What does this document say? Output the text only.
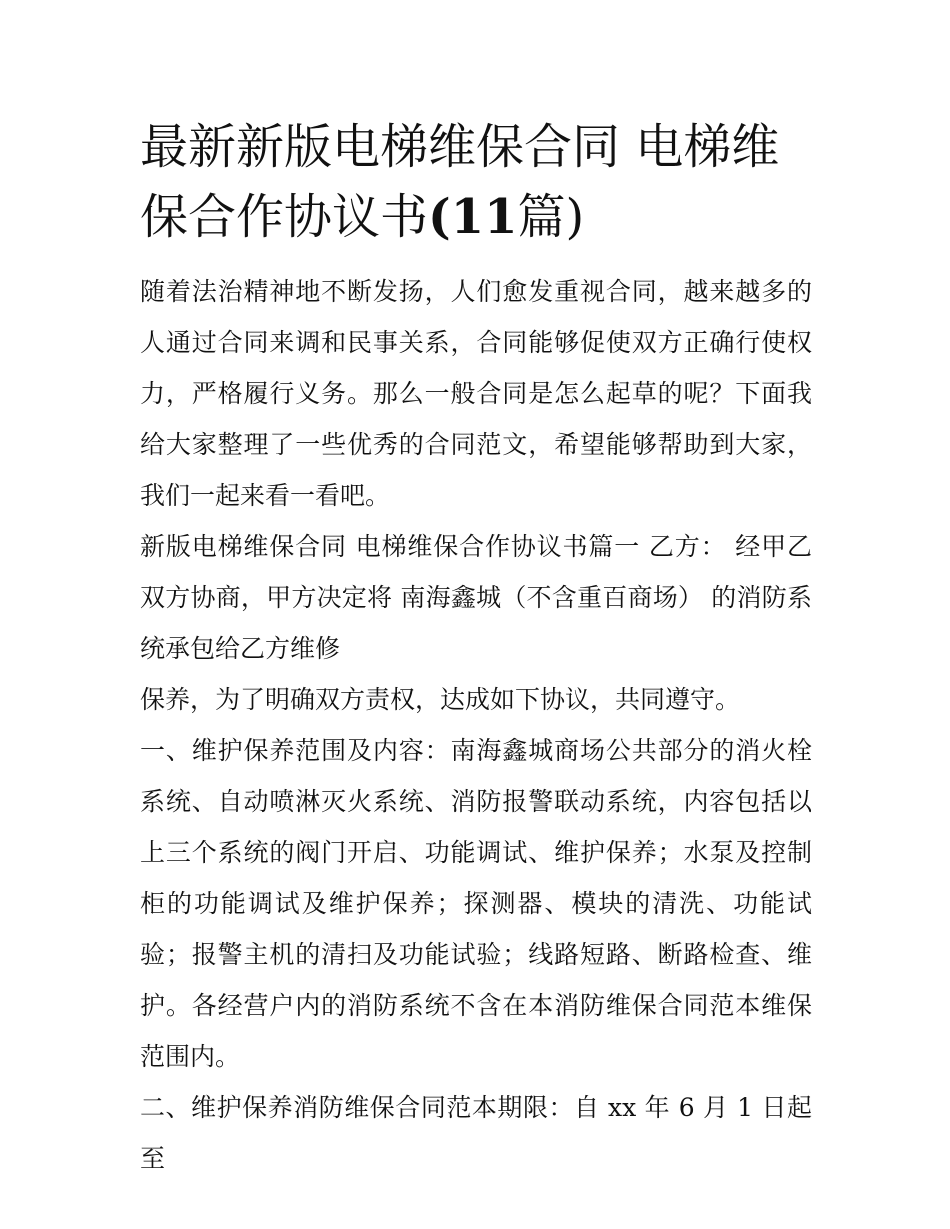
最新新版电梯维保合同 电梯维保合作协议书(11篇)

随着法治精神地不断发扬，人们愈发重视合同，越来越多的人通过合同来调和民事关系，合同能够促使双方正确行使权力，严格履行义务。那么一般合同是怎么起草的呢？下面我给大家整理了一些优秀的合同范文，希望能够帮助到大家，我们一起来看一看吧。

新版电梯维保合同 电梯维保合作协议书篇一 乙方： 经甲乙双方协商，甲方决定将 南海鑫城（不含重百商场） 的消防系统承包给乙方维修

保养，为了明确双方责权，达成如下协议，共同遵守。

一、维护保养范围及内容：南海鑫城商场公共部分的消火栓系统、自动喷淋灭火系统、消防报警联动系统，内容包括以上三个系统的阀门开启、功能调试、维护保养；水泵及控制柜的功能调试及维护保养；探测器、模块的清洗、功能试验；报警主机的清扫及功能试验；线路短路、断路检查、维护。各经营户内的消防系统不含在本消防维保合同范本维保范围内。

二、维护保养消防维保合同范本期限：自 xx 年 6 月 1 日起至
